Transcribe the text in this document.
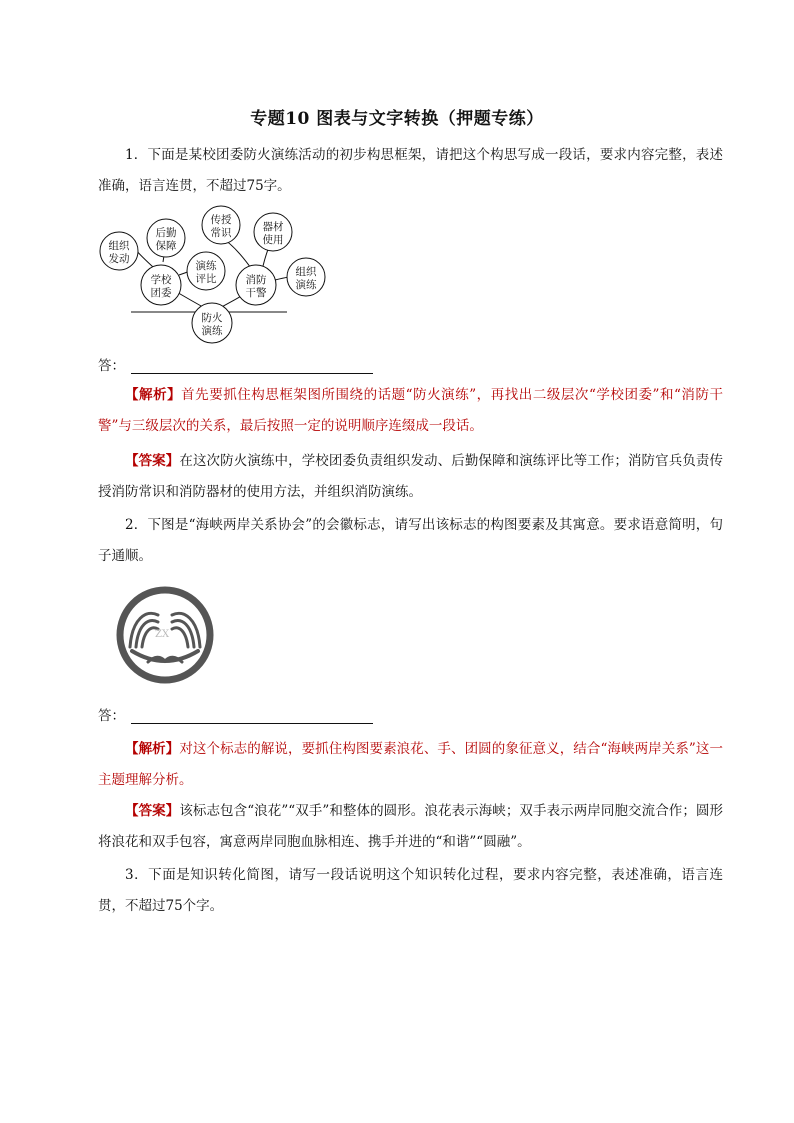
专题10 图表与文字转换（押题专练）

1．下面是某校团委防火演练活动的初步构思框架，请把这个构思写成一段话，要求内容完整，表述准确，语言连贯，不超过75字。

组织
发动
后勤
保障
演练
评比
传授
常识	器材
使用
组织
演练
学校
团委
消防
干警
防火
演练
答：

【解析】首先要抓住构思框架图所围绕的话题“防火演练”，再找出二级层次“学校团委”和“消防干警”与三级层次的关系，最后按照一定的说明顺序连缀成一段话。

【答案】在这次防火演练中，学校团委负责组织发动、后勤保障和演练评比等工作；消防官兵负责传授消防常识和消防器材的使用方法，并组织消防演练。

2．下图是“海峡两岸关系协会”的会徽标志，请写出该标志的构图要素及其寓意。要求语意简明，句子通顺。

ZX
答：

【解析】对这个标志的解说，要抓住构图要素浪花、手、团圆的象征意义，结合“海峡两岸关系”这一主题理解分析。

【答案】该标志包含“浪花”“双手”和整体的圆形。浪花表示海峡；双手表示两岸同胞交流合作；圆形将浪花和双手包容，寓意两岸同胞血脉相连、携手并进的“和谐”“圆融”。

3．下面是知识转化简图，请写一段话说明这个知识转化过程，要求内容完整，表述准确，语言连贯，不超过75个字。
